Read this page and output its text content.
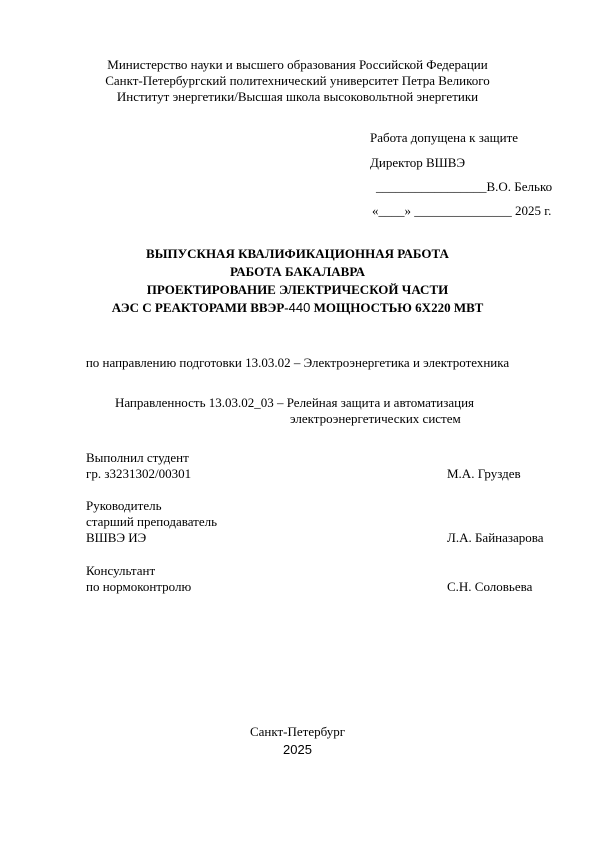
Министерство науки и высшего образования Российской Федерации
Санкт-Петербургский политехнический университет Петра Великого
Институт энергетики/Высшая школа высоковольтной энергетики
Работа допущена к защите
Директор ВШВЭ
_________________В.О. Белько
«____» _______________ 2025 г.
ВЫПУСКНАЯ КВАЛИФИКАЦИОННАЯ РАБОТА
РАБОТА БАКАЛАВРА
ПРОЕКТИРОВАНИЕ ЭЛЕКТРИЧЕСКОЙ ЧАСТИ
АЭС С РЕАКТОРАМИ ВВЭР-440 МОЩНОСТЬЮ 6Х220 МВТ
по направлению подготовки 13.03.02 – Электроэнергетика и электротехника
Направленность 13.03.02_03 – Релейная защита и автоматизация
электроэнергетических систем
Выполнил студент
гр. з3231302/00301	М.А. Груздев
Руководитель
старший преподаватель
ВШВЭ ИЭ	Л.А. Байназарова
Консультант
по нормоконтролю	С.Н. Соловьева
Санкт-Петербург
2025
